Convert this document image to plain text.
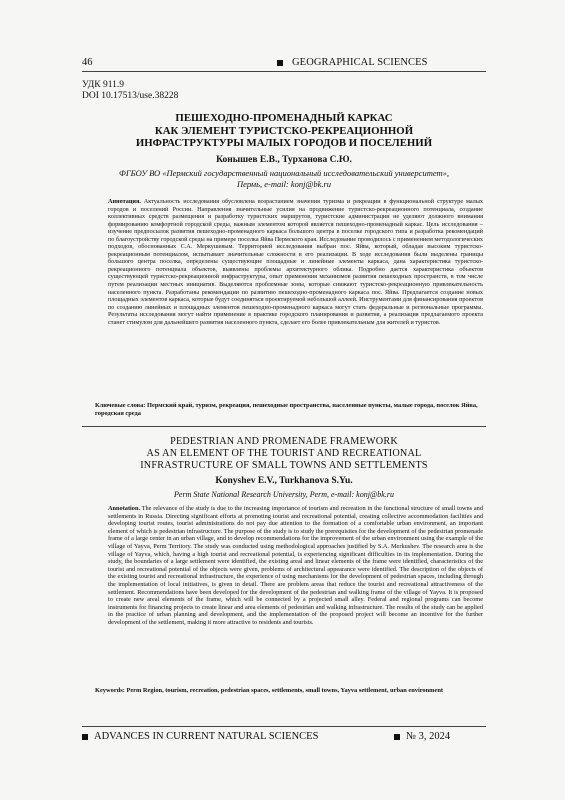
46	GEOGRAPHICAL SCIENCES
УДК 911.9
DOI 10.17513/use.38228
ПЕШЕХОДНО-ПРОМЕНАДНЫЙ КАРКАС
КАК ЭЛЕМЕНТ ТУРИСТСКО-РЕКРЕАЦИОННОЙ
ИНФРАСТРУКТУРЫ МАЛЫХ ГОРОДОВ И ПОСЕЛЕНИЙ
Конышев Е.В., Турханова С.Ю.
ФГБОУ ВО «Пермский государственный национальный исследовательский университет»,
Пермь, e-mail: konj@bk.ru
Аннотация. Актуальность исследования обусловлена возрастанием значения туризма и рекреации в функциональной структуре малых городов и поселений России. Направления значительные усилия на продвижение туристско-рекреационного потенциала, создание коллективных средств размещения и разработку туристских маршрутов, туристские администрации не уделяют должного внимания формированию комфортной городской среды, важным элементом которой является пешеходно-променадный каркас. Цель исследования – изучение предпосылок развития пешеходно-променадного каркаса большого центра в поселке городского типа и разработка рекомендаций по благоустройству городской среды на примере поселка Яйва Пермского края. Исследование проводилось с применением методологических подходов, обоснованных С.А. Меркушевым. Территорией исследования выбран пос. Яйва, который, обладая высоким туристско-рекреационным потенциалом, испытывает значительные сложности в его реализации. В ходе исследования были выделены границы большого центра поселка, определены существующие площадные и линейные элементы каркаса, дана характеристика туристско-рекреационного потенциала объектов, выявлены проблемы архитектурного облика. Подробно дается характеристика объектов существующей туристско-рекреационной инфраструктуры, опыт применения механизмов развития пешеходных пространств, в том числе путем реализации местных инициатив. Выделяются проблемные зоны, которые снижают туристско-рекреационную привлекательность населенного пункта. Разработаны рекомендации по развитию пешеходно-променадного каркаса пос. Яйва. Предлагается создание новых площадных элементов каркаса, которые будут соединяться проектируемой небольшой аллеей. Инструментами для финансирования проектов по созданию линейных и площадных элементов пешеходно-променадного каркаса могут стать федеральные и региональные программы. Результаты исследования могут найти применение в практике городского планирования и развития, а реализация предлагаемого проекта станет стимулом для дальнейшего развития населенного пункта, сделает его более привлекательным для жителей и туристов.
Ключевые слова: Пермский край, туризм, рекреация, пешеходные пространства, населенные пункты, малые города, поселок Яйва, городская среда
PEDESTRIAN AND PROMENADE FRAMEWORK
AS AN ELEMENT OF THE TOURIST AND RECREATIONAL
INFRASTRUCTURE OF SMALL TOWNS AND SETTLEMENTS
Konyshev E.V., Turkhanova S.Yu.
Perm State National Research University, Perm, e-mail: konj@bk.ru
Annotation. The relevance of the study is due to the increasing importance of tourism and recreation in the functional structure of small towns and settlements in Russia. Directing significant efforts at promoting tourist and recreational potential, creating collective accommodation facilities and developing tourist routes, tourist administrations do not pay due attention to the formation of a comfortable urban environment, an important element of which is pedestrian infrastructure. The purpose of the study is to study the prerequisites for the development of the pedestrian promenade frame of a large center in an urban village, and to develop recommendations for the improvement of the urban environment using the example of the village of Yayva, Perm Territory. The study was conducted using methodological approaches justified by S.A. Merkushev. The research area is the village of Yayva, which, having a high tourist and recreational potential, is experiencing significant difficulties in its implementation. During the study, the boundaries of a large settlement were identified, the existing areal and linear elements of the frame were identified, characteristics of the tourist and recreational potential of the objects were given, problems of architectural appearance were identified. The description of the objects of the existing tourist and recreational infrastructure, the experience of using mechanisms for the development of pedestrian spaces, including through the implementation of local initiatives, is given in detail. There are problem areas that reduce the tourist and recreational attractiveness of the settlement. Recommendations have been developed for the development of the pedestrian and walking frame of the village of Yayva. It is proposed to create new areal elements of the frame, which will be connected by a projected small alley. Federal and regional programs can become instruments for financing projects to create linear and area elements of pedestrian and walking infrastructure. The results of the study can be applied in the practice of urban planning and development, and the implementation of the proposed project will become an incentive for the further development of the settlement, making it more attractive to residents and tourists.
Keywords: Perm Region, tourism, recreation, pedestrian spaces, settlements, small towns, Yayva settlement, urban environment
ADVANCES IN CURRENT NATURAL SCIENCES	№ 3, 2024
